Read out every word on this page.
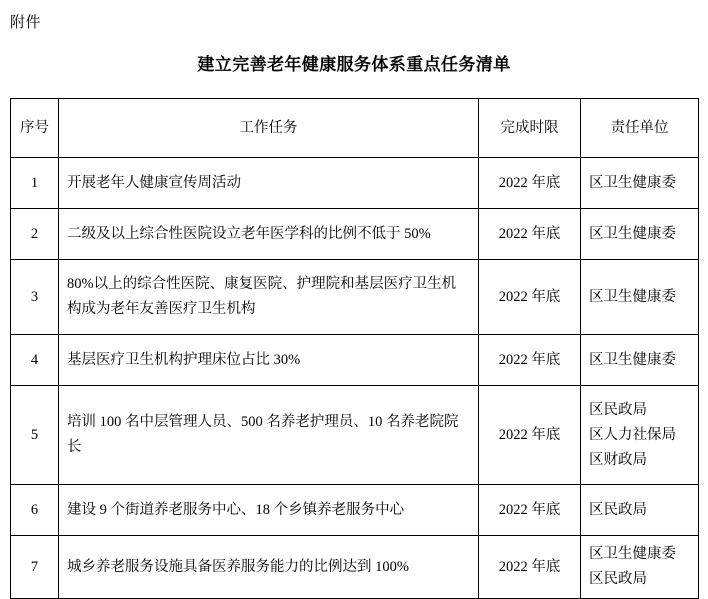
附件
建立完善老年健康服务体系重点任务清单
序号	工作任务	完成时限	责任单位
1	开展老年人健康宣传周活动	2022 年底	区卫生健康委

2	二级及以上综合性医院设立老年医学科的比例不低于 50%	2022 年底	区卫生健康委

3	80%以上的综合性医院、康复医院、护理院和基层医疗卫生机构成为老年友善医疗卫生机构	2022 年底	区卫生健康委

4	基层医疗卫生机构护理床位占比 30%	2022 年底	区卫生健康委

5	培训 100 名中层管理人员、500 名养老护理员、10 名养老院院长	2022 年底	区民政局
区人力社保局
区财政局

6	建设 9 个街道养老服务中心、18 个乡镇养老服务中心	2022 年底	区民政局

7	城乡养老服务设施具备医养服务能力的比例达到 100%	2022 年底	区卫生健康委
区民政局
